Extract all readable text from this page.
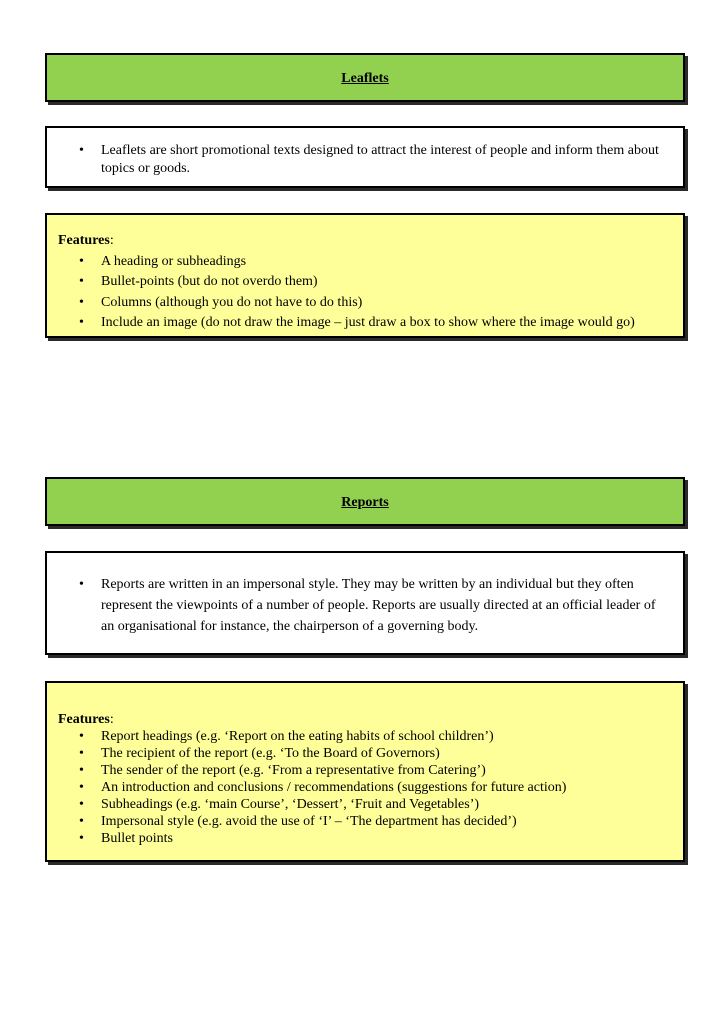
Leaflets
• Leaflets are short promotional texts designed to attract the interest of people and inform them about topics or goods.
Features:
• A heading or subheadings
• Bullet-points (but do not overdo them)
• Columns (although you do not have to do this)
• Include an image (do not draw the image – just draw a box to show where the image would go)
Reports
• Reports are written in an impersonal style. They may be written by an individual but they often represent the viewpoints of a number of people. Reports are usually directed at an official leader of an organisational for instance, the chairperson of a governing body.
Features:
• Report headings (e.g. ‘Report on the eating habits of school children’)
• The recipient of the report (e.g. ‘To the Board of Governors)
• The sender of the report (e.g. ‘From a representative from Catering’)
• An introduction and conclusions / recommendations (suggestions for future action)
• Subheadings (e.g. ‘main Course’, ‘Dessert’, ‘Fruit and Vegetables’)
• Impersonal style (e.g. avoid the use of ‘I’ – ‘The department has decided’)
• Bullet points
